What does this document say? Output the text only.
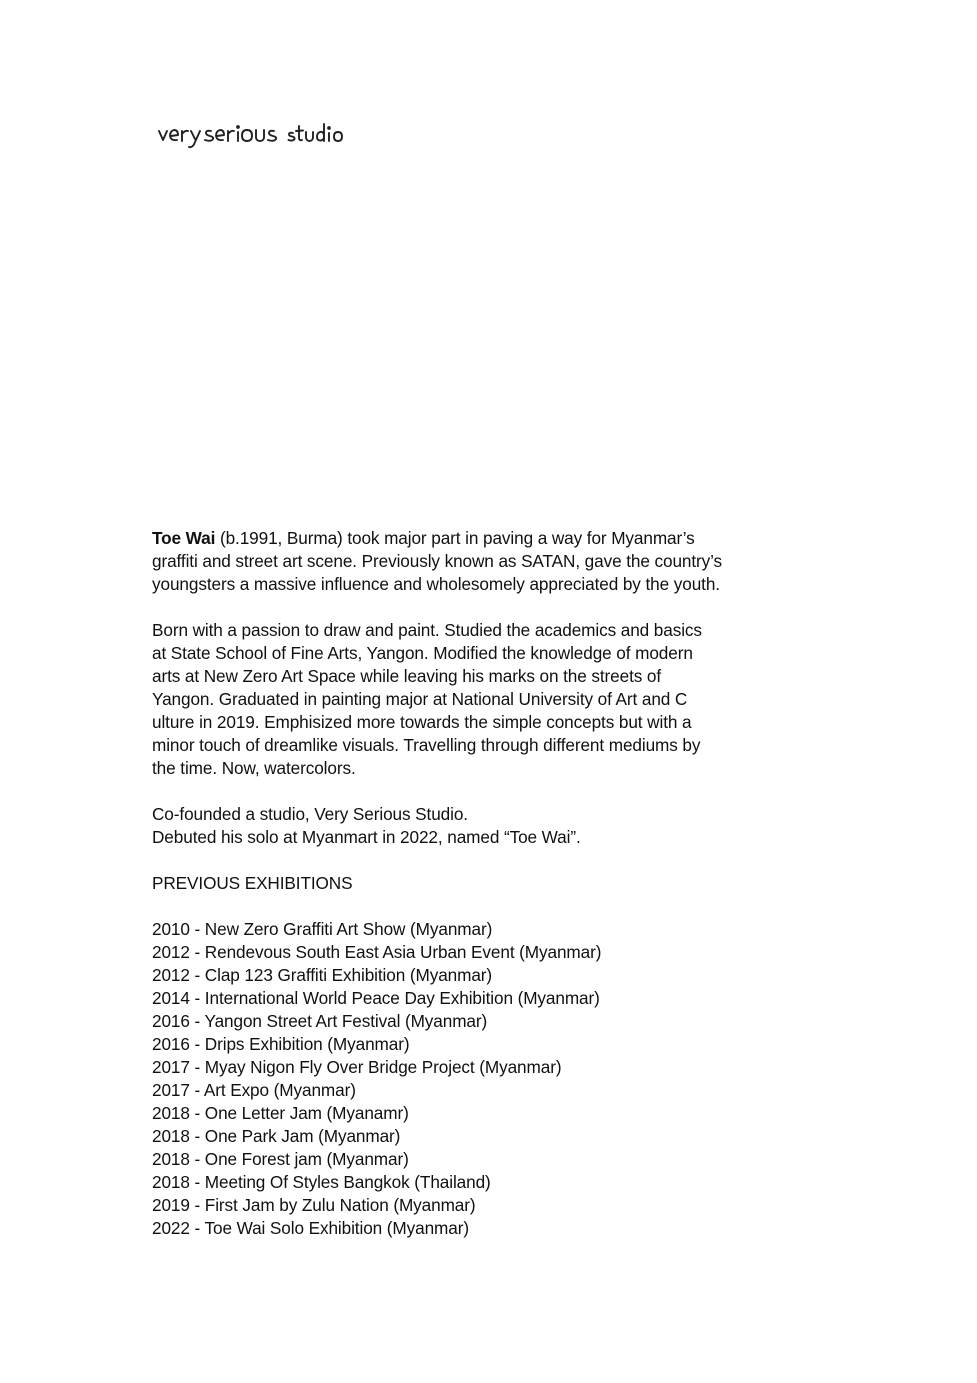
Toe Wai (b.1991, Burma) took major part in paving a way for Myanmar’s
graffiti and street art scene. Previously known as SATAN, gave the country’s
youngsters a massive influence and wholesomely appreciated by the youth.

Born with a passion to draw and paint. Studied the academics and basics
at State School of Fine Arts, Yangon. Modified the knowledge of modern
arts at New Zero Art Space while leaving his marks on the streets of
Yangon. Graduated in painting major at National University of Art and C
ulture in 2019. Emphisized more towards the simple concepts but with a
minor touch of dreamlike visuals. Travelling through different mediums by
the time. Now, watercolors.

Co-founded a studio, Very Serious Studio.
Debuted his solo at Myanmart in 2022, named “Toe Wai”.

PREVIOUS EXHIBITIONS

2010 - New Zero Graffiti Art Show (Myanmar)
2012 - Rendevous South East Asia Urban Event (Myanmar)
2012 - Clap 123 Graffiti Exhibition (Myanmar)
2014 - International World Peace Day Exhibition (Myanmar)
2016 - Yangon Street Art Festival (Myanmar)
2016 - Drips Exhibition (Myanmar)
2017 - Myay Nigon Fly Over Bridge Project (Myanmar)
2017 - Art Expo (Myanmar)
2018 - One Letter Jam (Myanamr)
2018 - One Park Jam (Myanmar)
2018 - One Forest jam (Myanmar)
2018 - Meeting Of Styles Bangkok (Thailand)
2019 - First Jam by Zulu Nation (Myanmar)
2022 - Toe Wai Solo Exhibition (Myanmar)
